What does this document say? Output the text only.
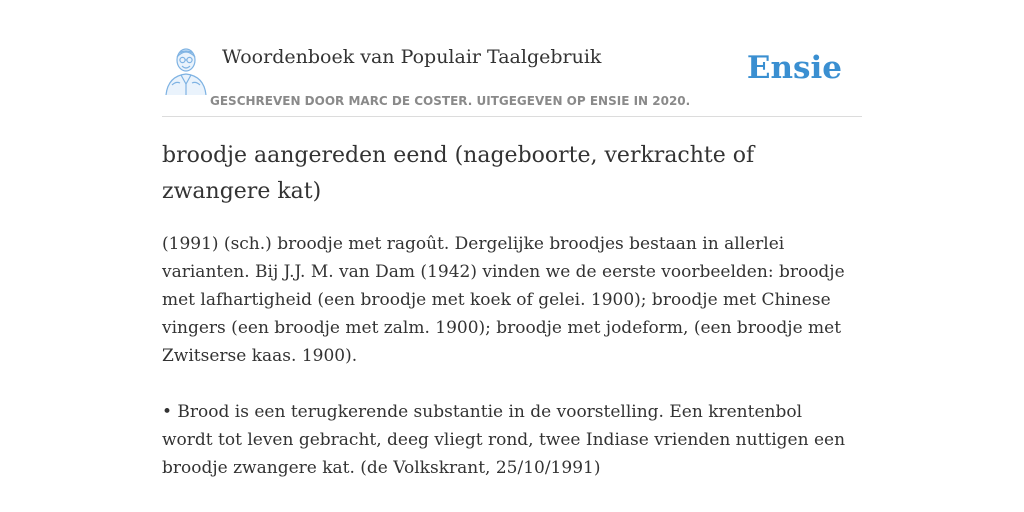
Woordenboek van Populair Taalgebruik
GESCHREVEN DOOR MARC DE COSTER. UITGEGEVEN OP ENSIE IN 2020.
Ensie
broodje aangereden eend (nageboorte, verkrachte of zwangere kat)

(1991) (sch.) broodje met ragoût. Dergelijke broodjes bestaan in allerlei varianten. Bij J.J. M. van Dam (1942) vinden we de eerste voorbeelden: broodje met lafhartigheid (een broodje met koek of gelei. 1900); broodje met Chinese vingers (een broodje met zalm. 1900); broodje met jodeform, (een broodje met Zwitserse kaas. 1900).

• Brood is een terugkerende substantie in de voorstelling. Een krentenbol wordt tot leven gebracht, deeg vliegt rond, twee Indiase vrienden nuttigen een broodje zwangere kat. (de Volkskrant, 25/10/1991)
